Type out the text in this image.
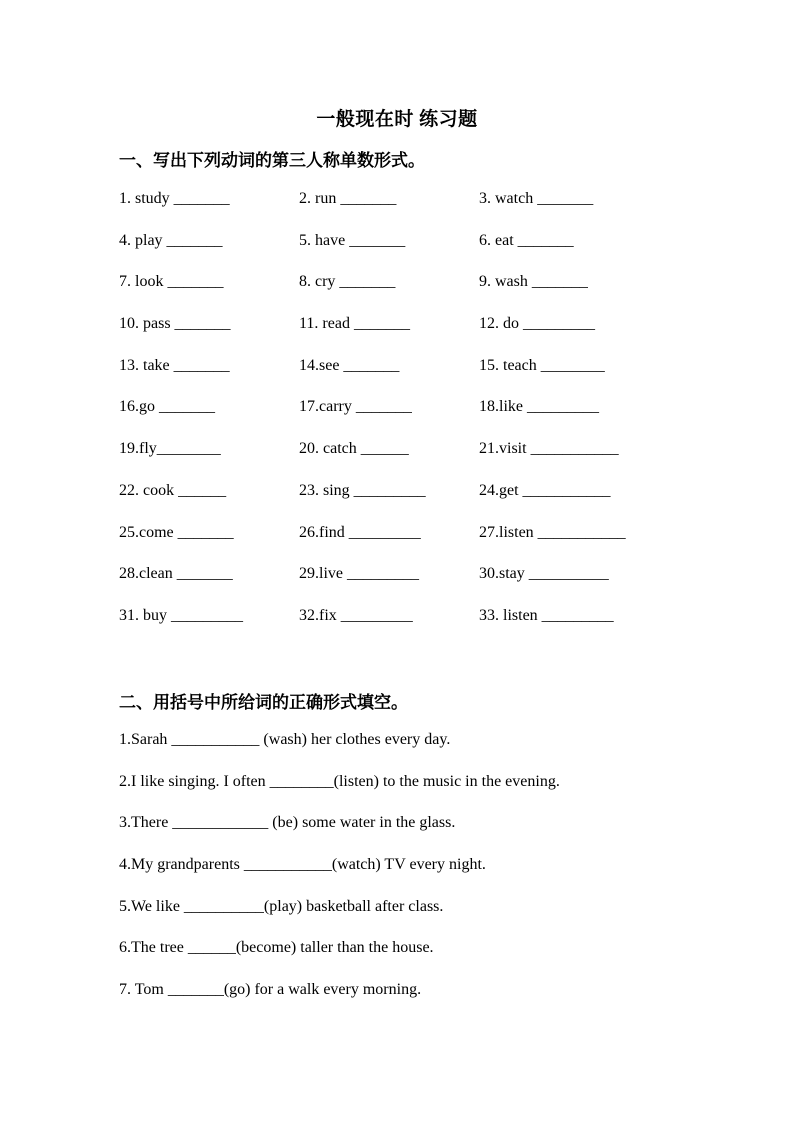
一般现在时 练习题
一、写出下列动词的第三人称单数形式。
1. study _______	2. run _______	3. watch _______
4. play _______	5. have _______	6. eat _______
7. look _______	8. cry _______	9. wash _______
10. pass _______	11. read _______	12. do _________
13. take _______	14.see _______	15. teach ________
16.go _______	17.carry _______	18.like _________
19.fly________	20. catch ______	21.visit ___________
22. cook ______	23. sing _________	24.get ___________
25.come _______	26.find _________	27.listen ___________
28.clean _______	29.live _________	30.stay __________
31. buy _________	32.fix _________	33. listen _________
二、用括号中所给词的正确形式填空。
1.Sarah ___________ (wash) her clothes every day.
2.I like singing. I often ________(listen) to the music in the evening.
3.There ____________ (be) some water in the glass.
4.My grandparents ___________(watch) TV every night.
5.We like __________(play) basketball after class.
6.The tree ______(become) taller than the house.
7. Tom _______(go) for a walk every morning.
